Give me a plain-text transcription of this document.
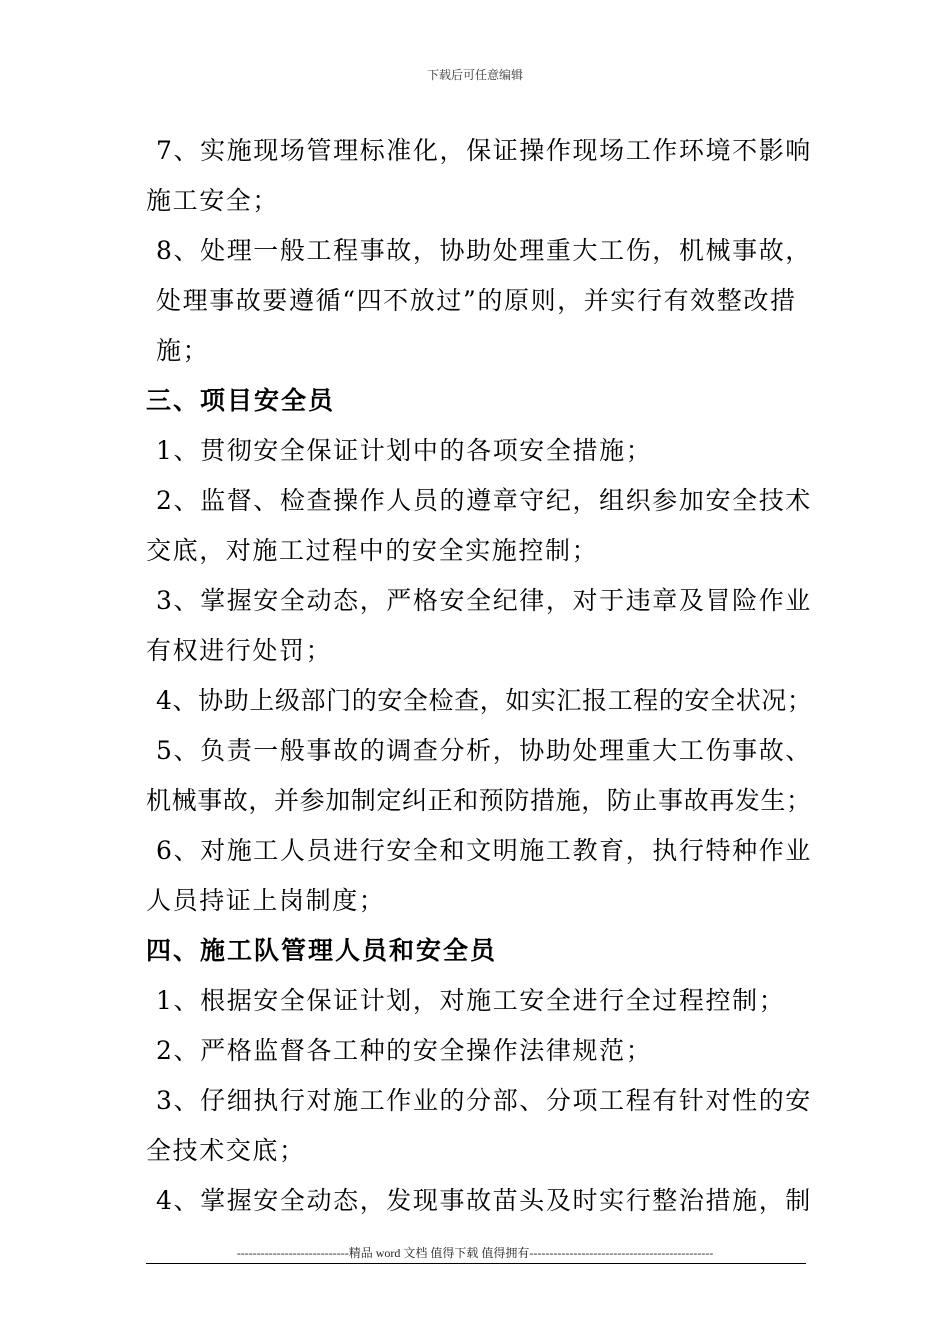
下载后可任意编辑
7、实施现场管理标准化，保证操作现场工作环境不影响
施工安全；
8、处理一般工程事故，协助处理重大工伤，机械事故，
处理事故要遵循“四不放过”的原则，并实行有效整改措
施；
三、项目安全员
1、贯彻安全保证计划中的各项安全措施；
2、监督、检查操作人员的遵章守纪，组织参加安全技术
交底，对施工过程中的安全实施控制；
3、掌握安全动态，严格安全纪律，对于违章及冒险作业
有权进行处罚；
4、协助上级部门的安全检查，如实汇报工程的安全状况；
5、负责一般事故的调查分析，协助处理重大工伤事故、
机械事故，并参加制定纠正和预防措施，防止事故再发生；
6、对施工人员进行安全和文明施工教育，执行特种作业
人员持证上岗制度；
四、施工队管理人员和安全员
1、根据安全保证计划，对施工安全进行全过程控制；
2、严格监督各工种的安全操作法律规范；
3、仔细执行对施工作业的分部、分项工程有针对性的安
全技术交底；
4、掌握安全动态，发现事故苗头及时实行整治措施，制
----------------------------精品 word 文档 值得下载 值得拥有----------------------------------------------
